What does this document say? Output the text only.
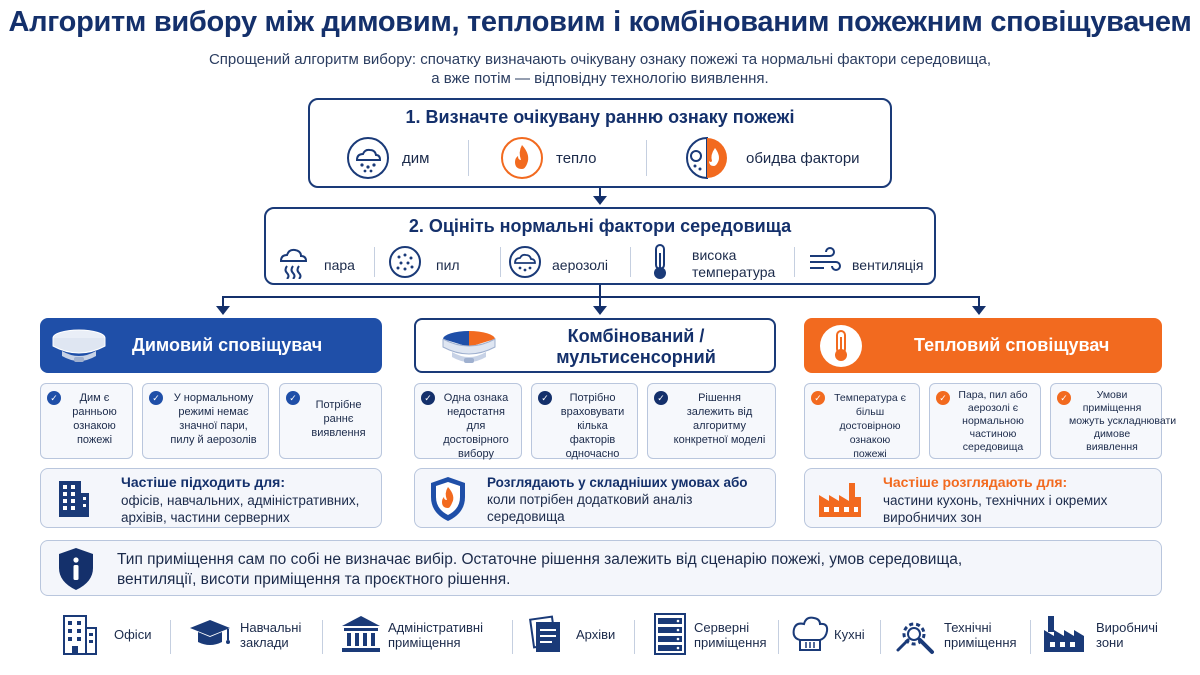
Алгоритм вибору між димовим, тепловим і комбінованим пожежним сповіщувачем
Спрощений алгоритм вибору: спочатку визначають очікувану ознаку пожежі та нормальні фактори середовища,
а вже потім — відповідну технологію виявлення.
1. Визначте очікувану ранню ознаку пожежі
дим	тепло	обидва фактори
2. Оцініть нормальні фактори середовища
пара	пил	аерозолі
висока
температура	вентиляція
Димовий сповіщувач
✓	Дим є
ранньою
ознакою
пожежі
✓	У нормальному
режимі немає
значної пари,
пилу й аерозолів
✓
Потрібне
раннє
виявлення
Частіше підходить для:
офісів, навчальних, адміністративних,
архівів, частини серверних
Комбінований /
мультисенсорний
✓	Одна ознака
недостатня для
достовірного
вибору
✓	Потрібно
враховувати
кілька факторів
одночасно
✓	Рішення
залежить від
алгоритму
конкретної моделі
Розглядають у складніших умовах або
коли потрібен додатковий аналіз
середовища
Тепловий сповіщувач
✓	Температура є
більш достовірною
ознакою
пожежі
✓	Пара, пил або
аерозолі є
нормальною
частиною
середовища
✓	Умови
приміщення
можуть ускладнювати
димове
виявлення
Частіше розглядають для:
частини кухонь, технічних і окремих
виробничих зон
Тип приміщення сам по собі не визначає вибір. Остаточне рішення залежить від сценарію пожежі, умов середовища,
вентиляції, висоти приміщення та проєктного рішення.
Офіси	Навчальні
заклади
Адміністративні
приміщення
Архіви	Серверні
приміщення
Кухні	Технічні
приміщення
Виробничі
зони
